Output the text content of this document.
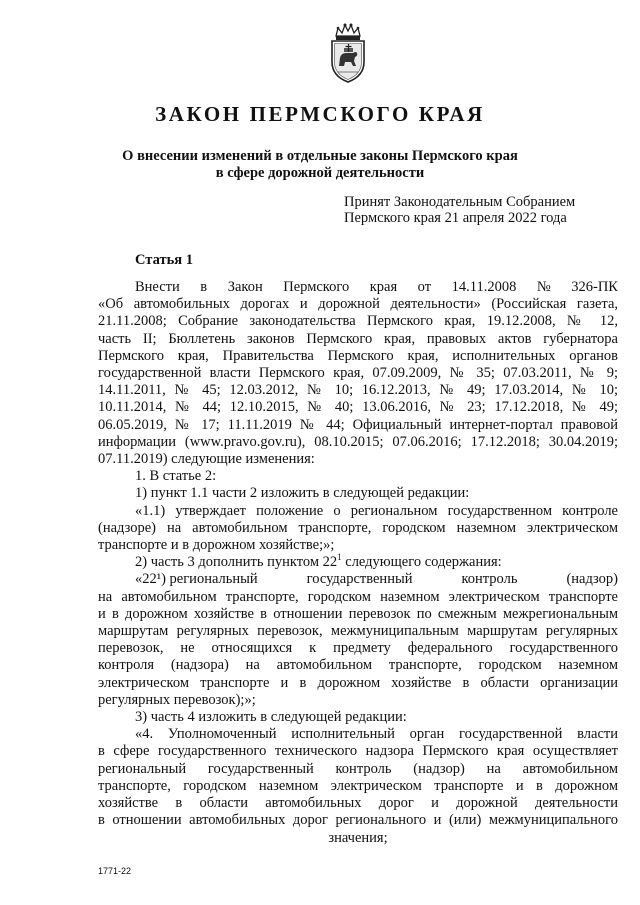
ЗАКОН ПЕРМСКОГО КРАЯ
О внесении изменений в отдельные законы Пермского края
в сфере дорожной деятельности
Принят Законодательным Собранием
Пермского края 21 апреля 2022 года
Статья 1
Внести в Закон Пермского края от 14.11.2008 № 326-ПК

«Об автомобильных дорогах и дорожной деятельности» (Российская газета,

21.11.2008; Собрание законодательства Пермского края, 19.12.2008, № 12,

часть II; Бюллетень законов Пермского края, правовых актов губернатора

Пермского края, Правительства Пермского края, исполнительных органов

государственной власти Пермского края, 07.09.2009, № 35; 07.03.2011, № 9;

14.11.2011, № 45; 12.03.2012, № 10; 16.12.2013, № 49; 17.03.2014, № 10;

10.11.2014, № 44; 12.10.2015, № 40; 13.06.2016, № 23; 17.12.2018, № 49;

06.05.2019, № 17; 11.11.2019 № 44; Официальный интернет-портал правовой

информации (www.pravo.gov.ru), 08.10.2015; 07.06.2016; 17.12.2018; 30.04.2019;

07.11.2019) следующие изменения:

1. В статье 2:

1) пункт 1.1 части 2 изложить в следующей редакции:

«1.1) утверждает положение о региональном государственном контроле

(надзоре) на автомобильном транспорте, городском наземном электрическом

транспорте и в дорожном хозяйстве;»;

2) часть 3 дополнить пунктом $22^1$ следующего содержания:

«22¹) региональный	государственный	контроль	(надзор)

на автомобильном транспорте, городском наземном электрическом транспорте

и в дорожном хозяйстве в отношении перевозок по смежным межрегиональным

маршрутам регулярных перевозок, межмуниципальным маршрутам регулярных

перевозок, не относящихся к предмету федерального государственного

контроля (надзора) на автомобильном транспорте, городском наземном

электрическом транспорте и в дорожном хозяйстве в области организации

регулярных перевозок);»;

3) часть 4 изложить в следующей редакции:

«4. Уполномоченный исполнительный орган государственной власти

в сфере государственного технического надзора Пермского края осуществляет

региональный государственный контроль (надзор) на автомобильном

транспорте, городском наземном электрическом транспорте и в дорожном

хозяйстве в области автомобильных дорог и дорожной деятельности

в отношении автомобильных дорог регионального и (или) межмуниципального

значения;

1771-22
